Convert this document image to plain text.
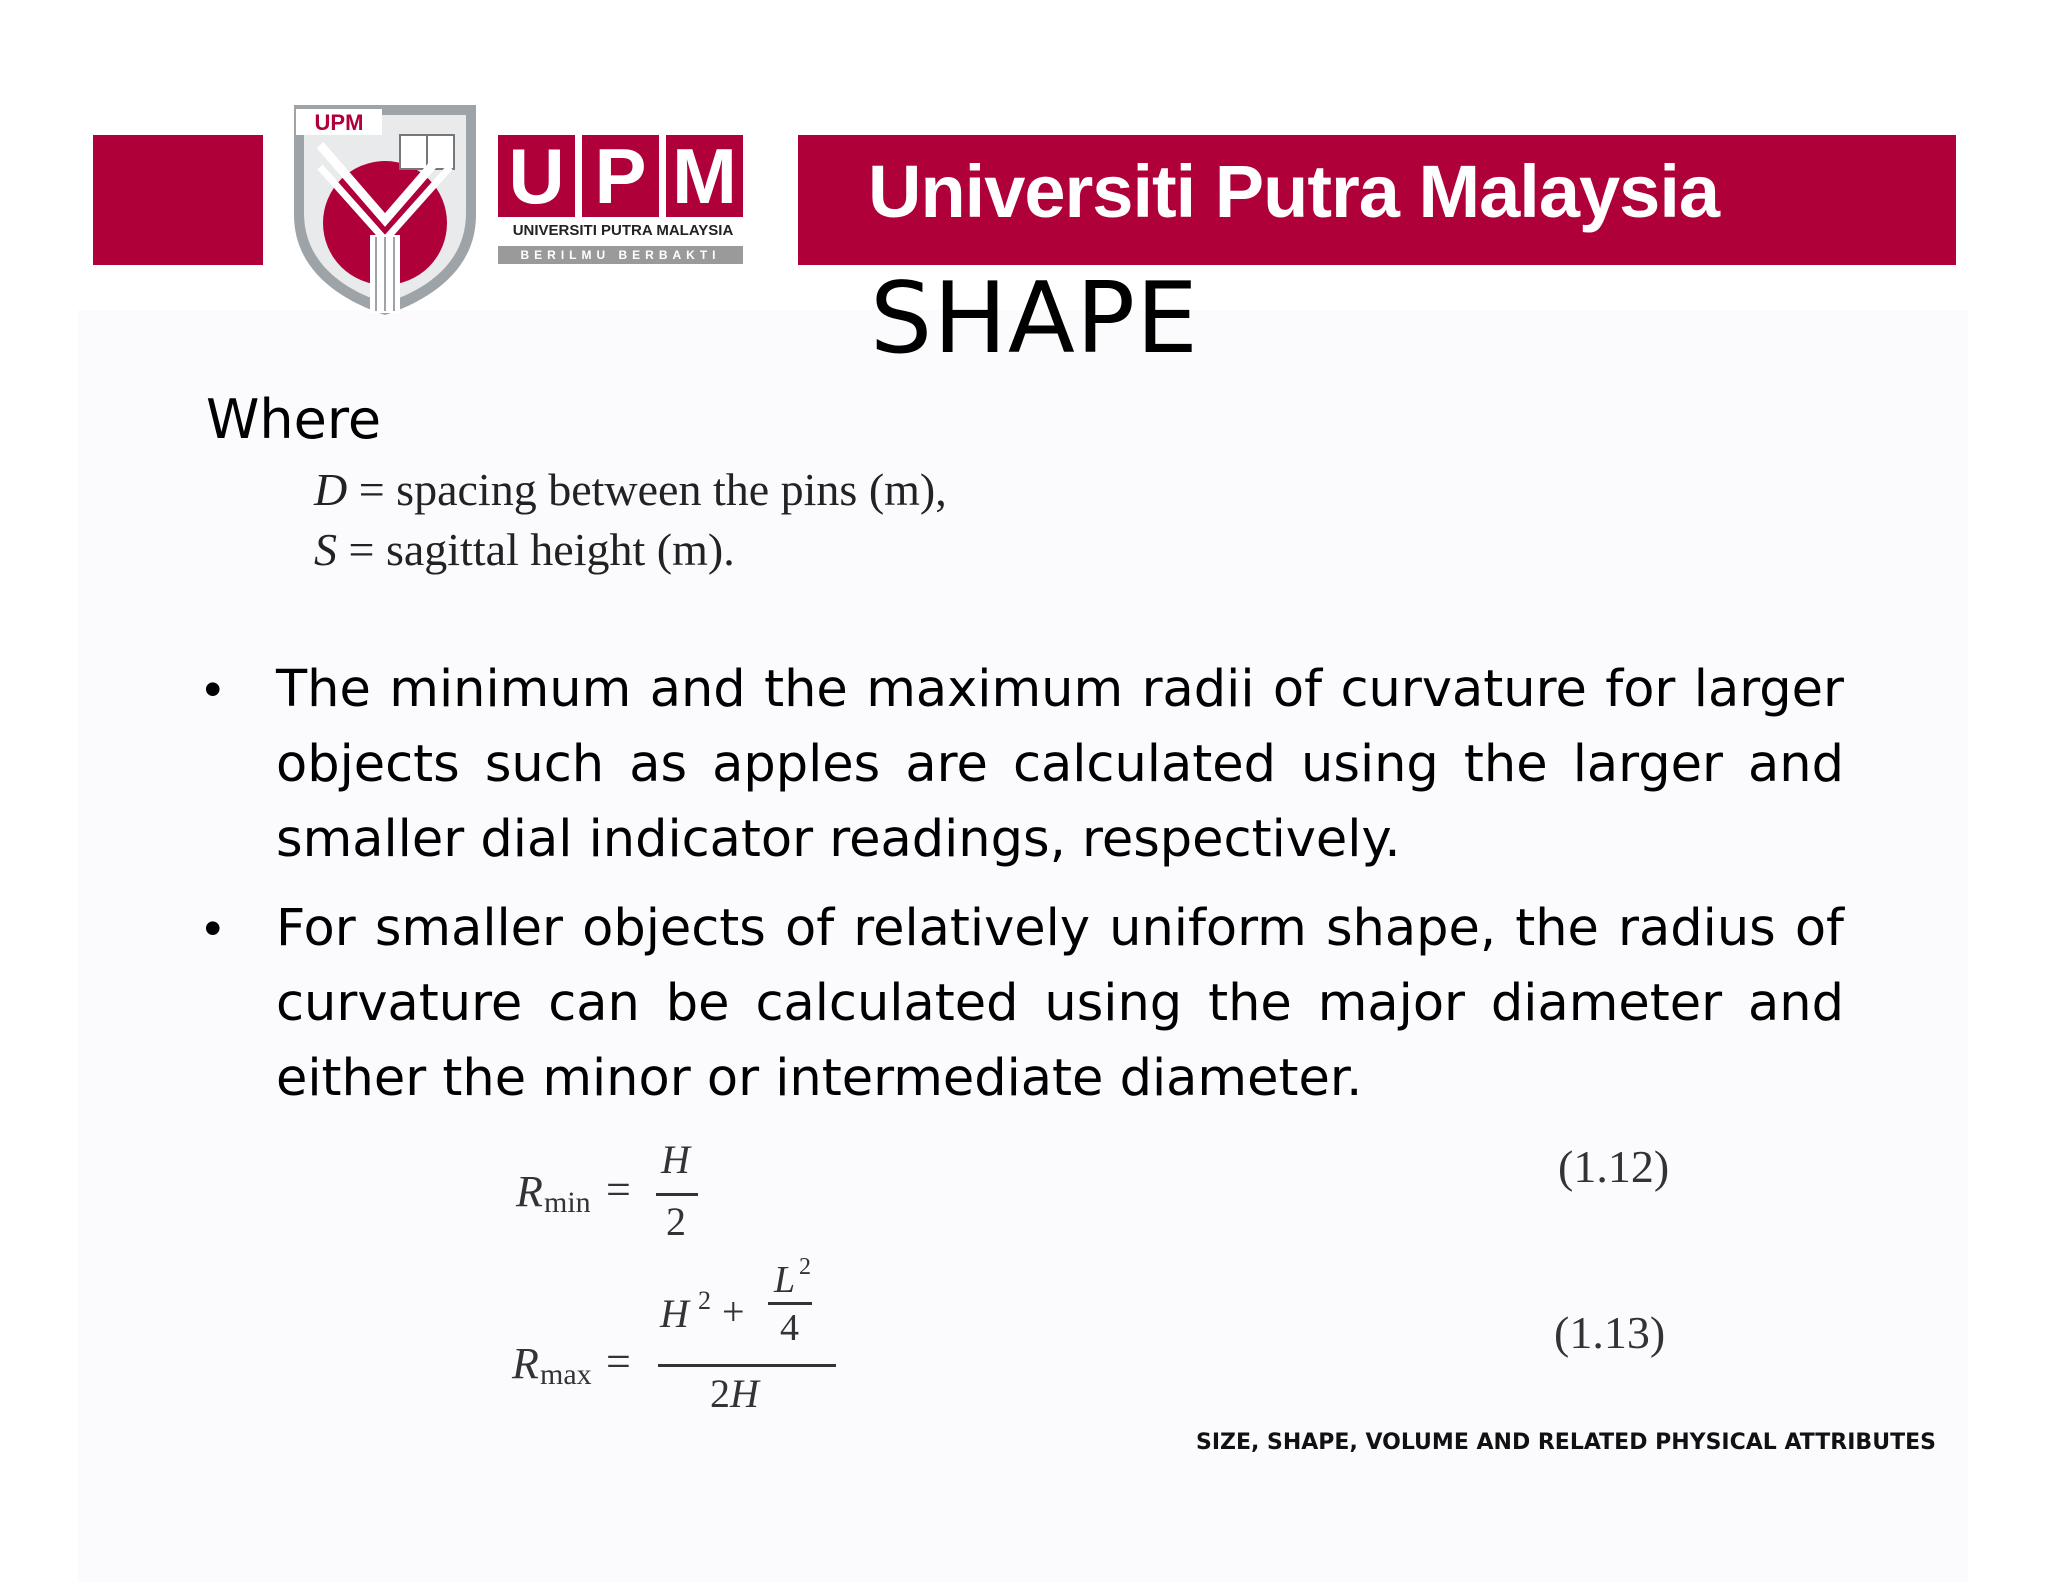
Universiti Putra Malaysia
UPM
U P M
UNIVERSITI PUTRA MALAYSIA
BERILMU BERBAKTI
SHAPE
Where
D = spacing between the pins (m),
S = sagittal height (m).
• The minimum and the maximum radii of curvature for larger objects such as apples are calculated using the larger and smaller dial indicator readings, respectively.

• For smaller objects of relatively uniform shape, the radius of curvature can be calculated using the major diameter and either the minor or intermediate diameter.

R min =
H
2
(1.12)
R max =
H 2 +
L 2
4
2H
(1.13)
SIZE, SHAPE, VOLUME AND RELATED PHYSICAL ATTRIBUTES
